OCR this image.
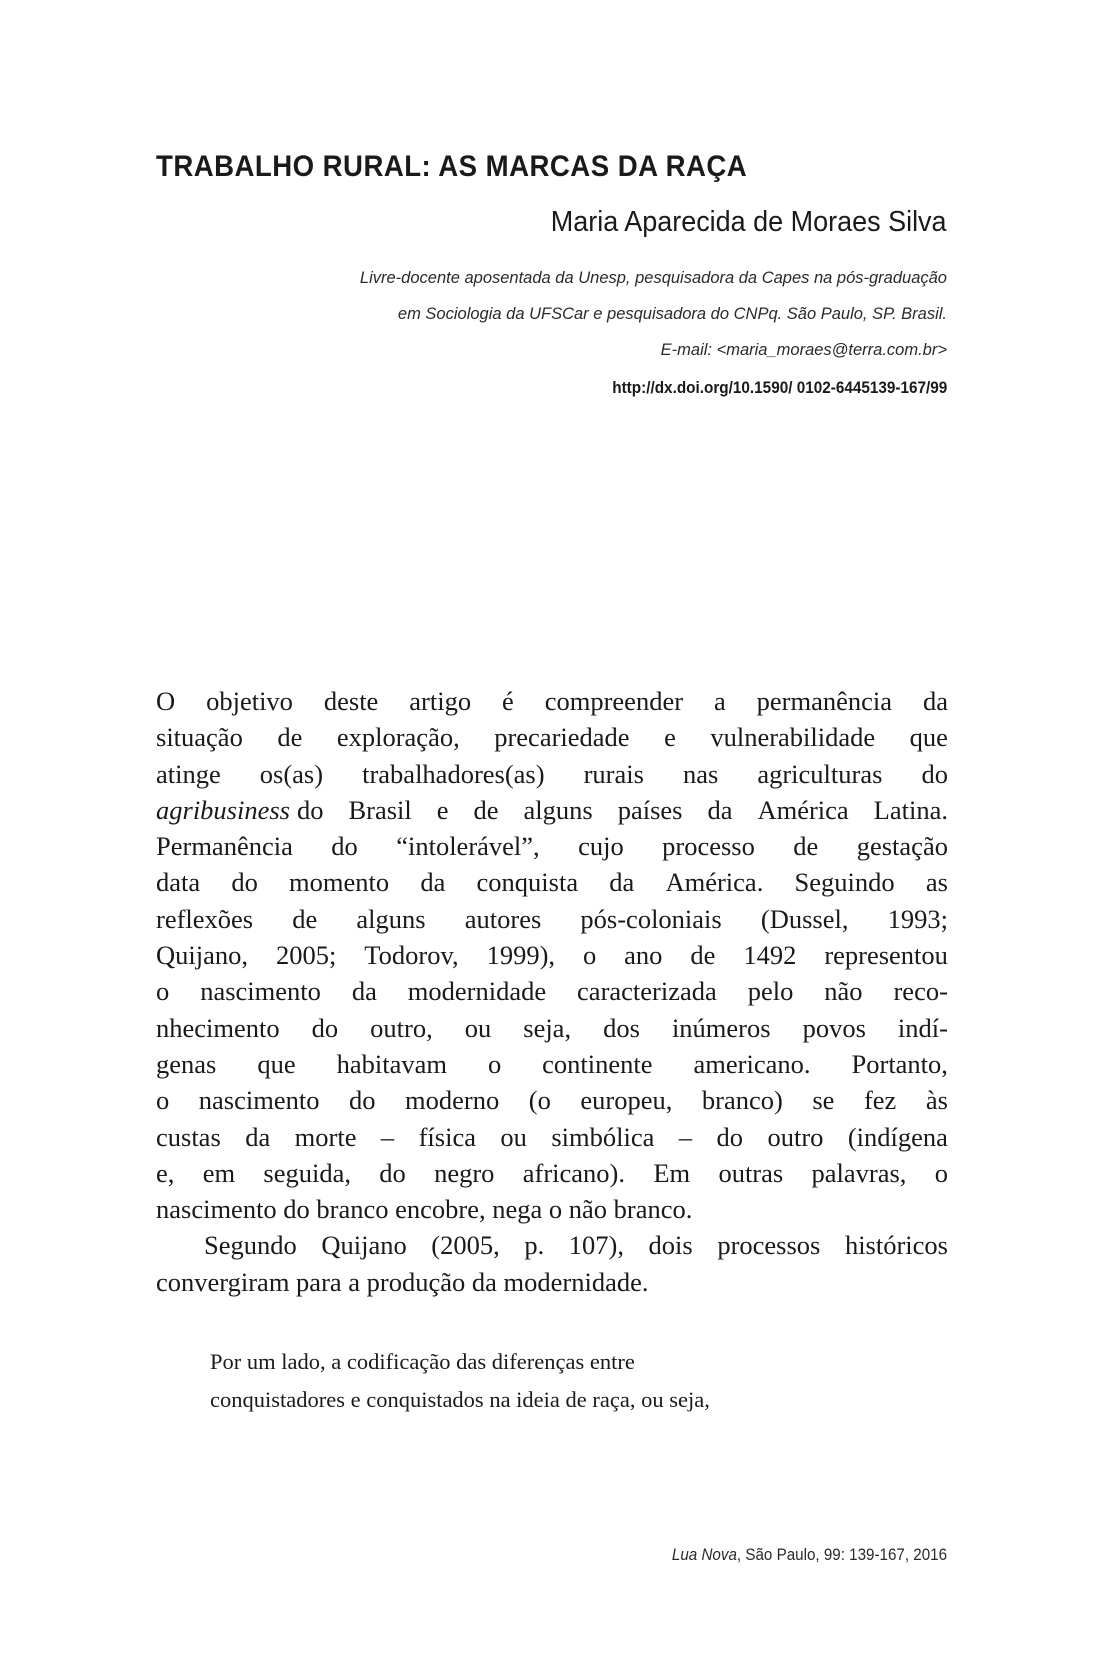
TRABALHO RURAL: AS MARCAS DA RAÇA
Maria Aparecida de Moraes Silva
Livre-docente aposentada da Unesp, pesquisadora da Capes na pós-graduação
em Sociologia da UFSCar e pesquisadora do CNPq. São Paulo, SP. Brasil.
E-mail: <maria_moraes@terra.com.br>
http://dx.doi.org/10.1590/ 0102-6445139-167/99
O objetivo deste artigo é compreender a permanência da
situação de exploração, precariedade e vulnerabilidade que
atinge os(as) trabalhadores(as) rurais nas agriculturas do
agribusiness do Brasil e de alguns países da América Latina.
Permanência do “intolerável”, cujo processo de gestação
data do momento da conquista da América. Seguindo as
reflexões de alguns autores pós-coloniais (Dussel, 1993;
Quijano, 2005; Todorov, 1999), o ano de 1492 representou
o nascimento da modernidade caracterizada pelo não reco-
nhecimento do outro, ou seja, dos inúmeros povos indí-
genas que habitavam o continente americano. Portanto,
o nascimento do moderno (o europeu, branco) se fez às
custas da morte – física ou simbólica – do outro (indígena
e, em seguida, do negro africano). Em outras palavras, o
nascimento do branco encobre, nega o não branco.
Segundo Quijano (2005, p. 107), dois processos históricos
convergiram para a produção da modernidade.
Por um lado, a codificação das diferenças entre
conquistadores e conquistados na ideia de raça, ou seja,
Lua Nova, São Paulo, 99: 139-167, 2016
